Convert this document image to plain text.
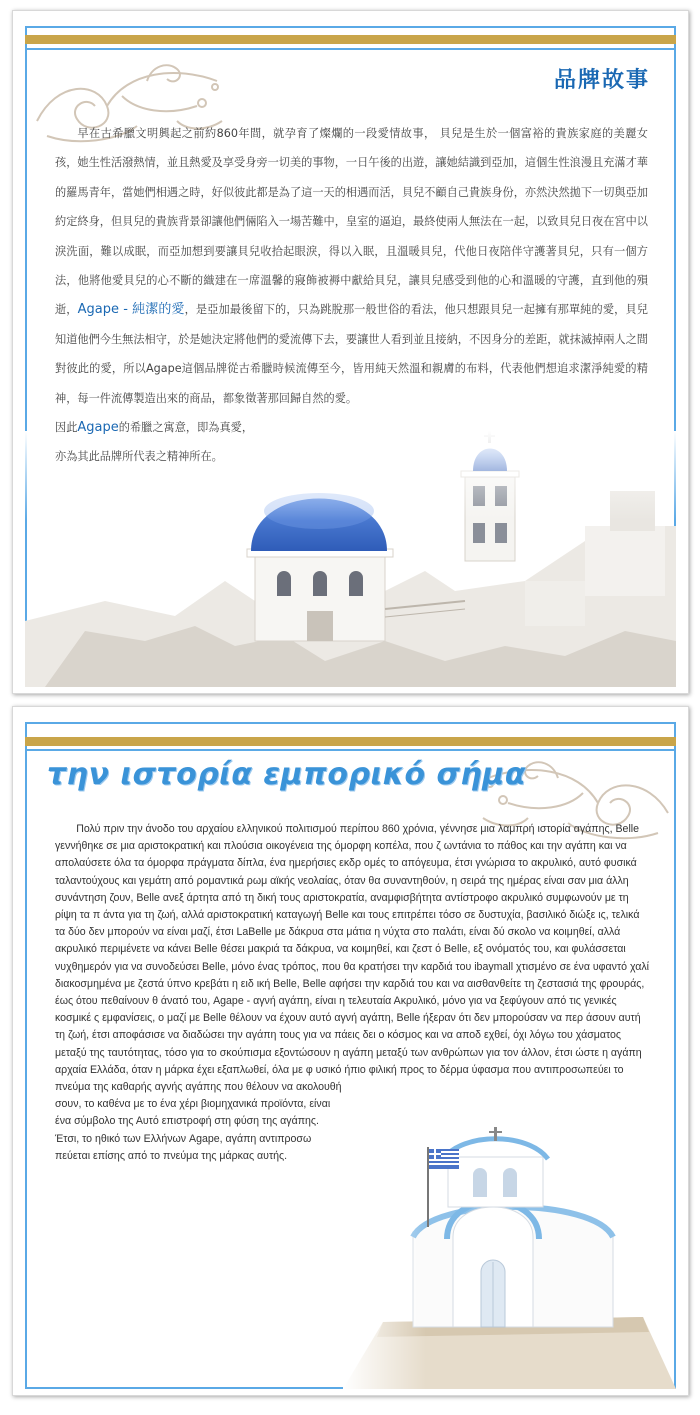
品牌故事

早在古希臘文明興起之前約860年間，就孕育了燦爛的一段愛情故事， 貝兒是生於一個富裕的貴族家庭的美麗女孩，她生性活潑熱情，並且熱愛及享受身旁一切美的事物，一日午後的出遊，讓她結識到亞加，這個生性浪漫且充滿才華的羅馬青年，當她們相遇之時，好似彼此都是為了這一天的相遇而活，貝兒不顧自己貴族身份，亦然決然拋下一切與亞加約定終身，但貝兒的貴族背景卻讓他們倆陷入一場苦難中，皇室的逼迫，最終使兩人無法在一起，以致貝兒日夜在宮中以淚洗面，難以成眠，而亞加想到要讓貝兒收拾起眼淚，得以入眠，且溫暖貝兒，代他日夜陪伴守護著貝兒，只有一個方法，他將他愛貝兒的心不斷的織建在一席溫馨的寢飾被褥中獻給貝兒，讓貝兒感受到他的心和溫暖的守護，直到他的殞逝，Agape - 純潔的愛，是亞加最後留下的，只為跳脫那一般世俗的看法，他只想跟貝兒一起擁有那單純的愛，貝兒知道他們今生無法相守，於是她決定將他們的愛流傳下去，要讓世人看到並且接納，不因身分的差距，就抹滅掉兩人之間對彼此的愛，所以Agape這個品牌從古希臘時候流傳至今，皆用純天然溫和親膚的布料，代表他們想追求潔淨純愛的精神，每一件流傳製造出來的商品，都象徵著那回歸自然的愛。

因此Agape的希臘之寓意，即為真愛，

亦為其此品牌所代表之精神所在。

την ιστορία εμπορικό σήμα

Πολύ πριν την άνοδο του αρχαίου ελληνικού πολιτισμού περίπου 860 χρόνια, γέννησε μια λαμπρή ιστορία αγάπης, Belle γεννήθηκε σε μια αριστοκρατική και πλούσια οικογένεια της όμορφη κοπέλα, που ζ ωντάνια το πάθος και την αγάπη και να απολαύσετε όλα τα όμορφα πράγματα δίπλα, ένα ημερήσιες εκδρ ομές το απόγευμα, έτσι γνώρισα το ακρυλικό, αυτό φυσικά ταλαντούχους και γεμάτη από ρομαντικά ρωμ αϊκής νεολαίας, όταν θα συναντηθούν, η σειρά της ημέρας είναι σαν μια άλλη συνάντηση ζουν, Belle ανεξ άρτητα από τη δική τους αριστοκρατία, αναμφισβήτητα αντίστροφο ακρυλικό συμφωνούν με τη ρίψη τα π άντα για τη ζωή, αλλά αριστοκρατική καταγωγή Belle και τους επιτρέπει τόσο σε δυστυχία, βασιλικό διώξε ις, τελικά τα δύο δεν μπορούν να είναι μαζί, έτσι LaBelle με δάκρυα στα μάτια η νύχτα στο παλάτι, είναι δύ σκολο να κοιμηθεί, αλλά ακρυλικό περιμένετε να κάνει Belle θέσει μακριά τα δάκρυα, να κοιμηθεί, και ζεστ ό Belle, εξ ονόματός του, και φυλάσσεται νυχθημερόν για να συνοδεύσει Belle, μόνο ένας τρόπος, που θα κρατήσει την καρδιά του ibaymall χτισμένο σε ένα υφαντό χαλί διακοσμημένα με ζεστά ύπνο κρεβάτι η ειδ ική Belle, Belle αφήσει την καρδιά του και να αισθανθείτε τη ζεστασιά της φρουράς, έως ότου πεθαίνουν θ άνατό του, Agape - αγνή αγάπη, είναι η τελευταία Ακρυλικό, μόνο για να ξεφύγουν από τις γενικές κοσμικέ ς εμφανίσεις, ο μαζί με Belle θέλουν να έχουν αυτό αγνή αγάπη, Belle ήξεραν ότι δεν μπορούσαν να περ άσουν αυτή τη ζωή, έτσι αποφάσισε να διαδώσει την αγάπη τους για να πάεις δει ο κόσμος και να αποδ εχθεί, όχι λόγω του χάσματος μεταξύ της ταυτότητας, τόσο για το σκούπισμα εξοντώσουν η αγάπη μεταξύ των ανθρώπων για τον άλλον, έτσι ώστε η αγάπη αρχαία Ελλάδα, όταν η μάρκα έχει εξαπλωθεί, όλα με φ υσικό ήπιο φιλική προς το δέρμα ύφασμα που αντιπροσωπεύει το

πνεύμα της καθαρής αγνής αγάπης που θέλουν να ακολουθή

σουν, το καθένα με το ένα χέρι βιομηχανικά προϊόντα, είναι

ένα σύμβολο της Αυτό επιστροφή στη φύση της αγάπης.

Έτσι, το ηθικό των Ελλήνων Agape, αγάπη αντιπροσω

πεύεται επίσης από το πνεύμα της μάρκας αυτής.
